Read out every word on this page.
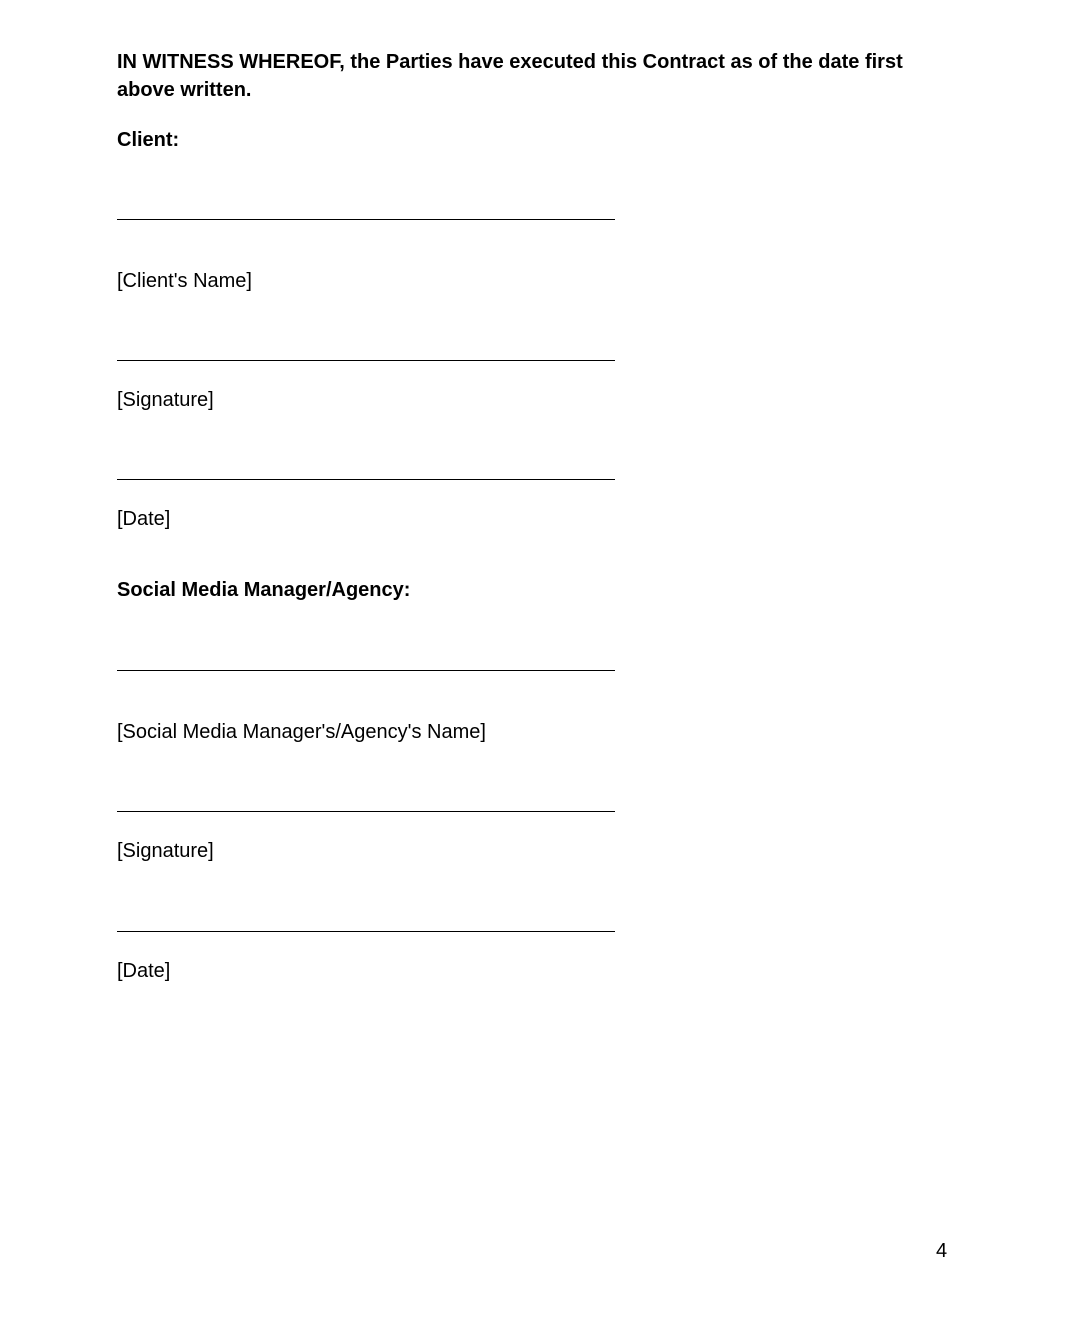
IN WITNESS WHEREOF, the Parties have executed this Contract as of the date first above written.
Client:
[Client's Name]
[Signature]
[Date]
Social Media Manager/Agency:
[Social Media Manager's/Agency's Name]
[Signature]
[Date]
4
